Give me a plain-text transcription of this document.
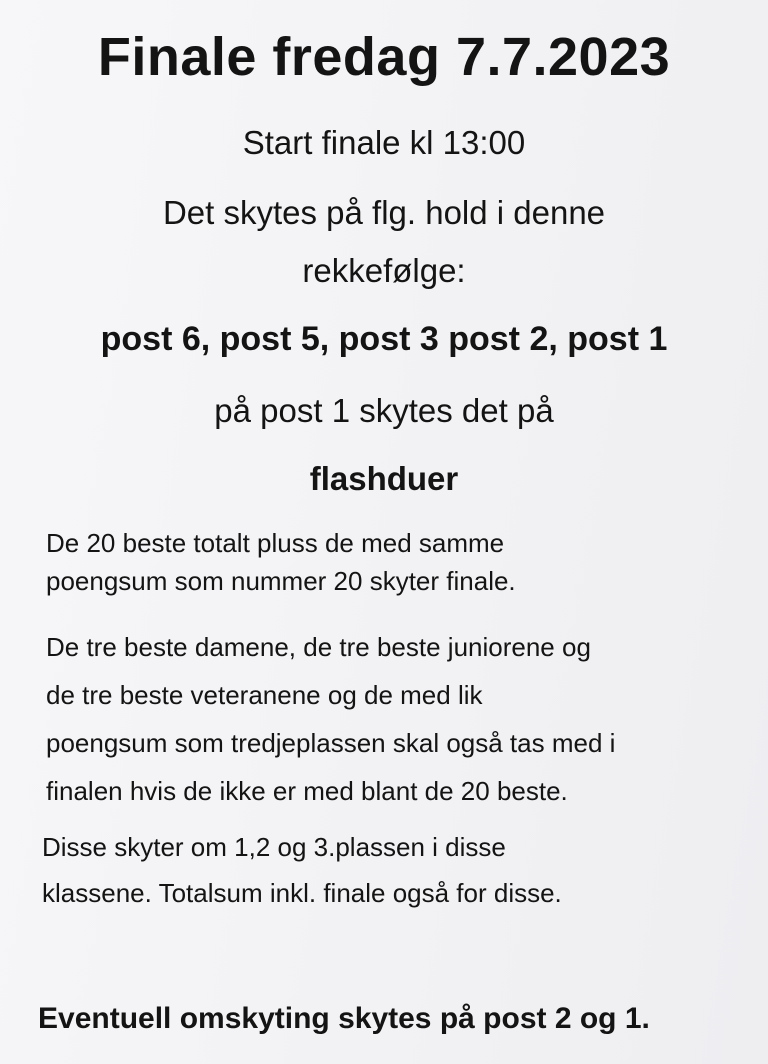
Finale fredag 7.7.2023
Start finale kl 13:00
Det skytes på flg. hold i denne
rekkefølge:
post 6, post 5, post 3 post 2, post 1
på post 1 skytes det på
flashduer
De 20 beste totalt pluss de med samme
poengsum som nummer 20 skyter finale.
De tre beste damene, de tre beste juniorene og
de tre beste veteranene og de med lik
poengsum som tredjeplassen skal også tas med i
finalen hvis de ikke er med blant de 20 beste.
Disse skyter om 1,2 og 3.plassen i disse
klassene. Totalsum inkl. finale også for disse.
Eventuell omskyting skytes på post 2 og 1.
